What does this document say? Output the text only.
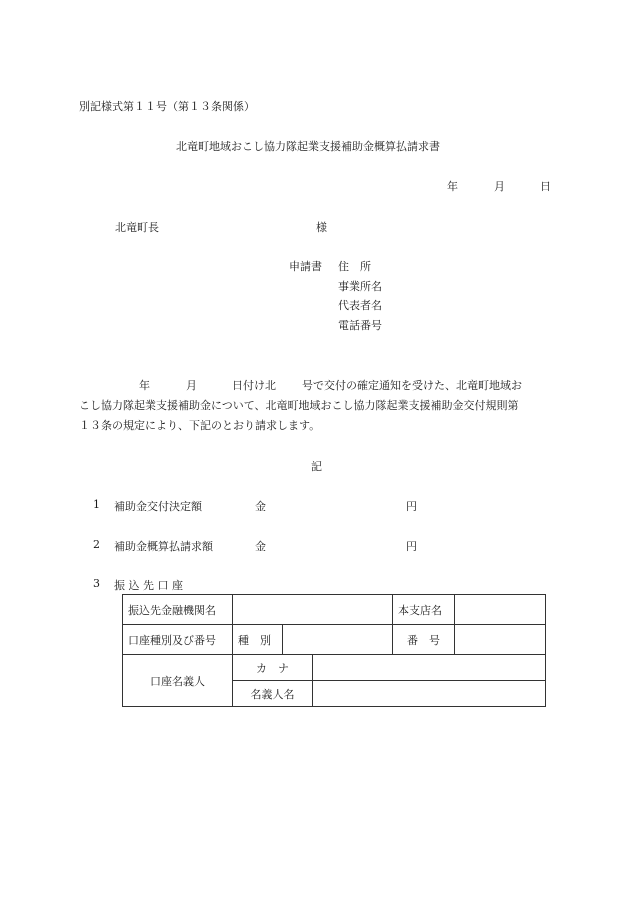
別記様式第１１号（第１３条関係）
北竜町地域おこし協力隊起業支援補助金概算払請求書
年	月	日
北竜町長	様
申請書 住　所
事業所名
代表者名
電話番号
年	月	日付け北 号で交付の確定通知を受けた、北竜町地域お
こし協力隊起業支援補助金について、北竜町地域おこし協力隊起業支援補助金交付規則第
１３条の規定により、下記のとおり請求します。
記
1 補助金交付決定額	金	円
2 補助金概算払請求額	金	円
3 振 込 先 口 座
振込先金融機関名				本支店名	
口座種別及び番号	種　別			番　号	
口座名義人	カ　ナ				
	名義人名				
